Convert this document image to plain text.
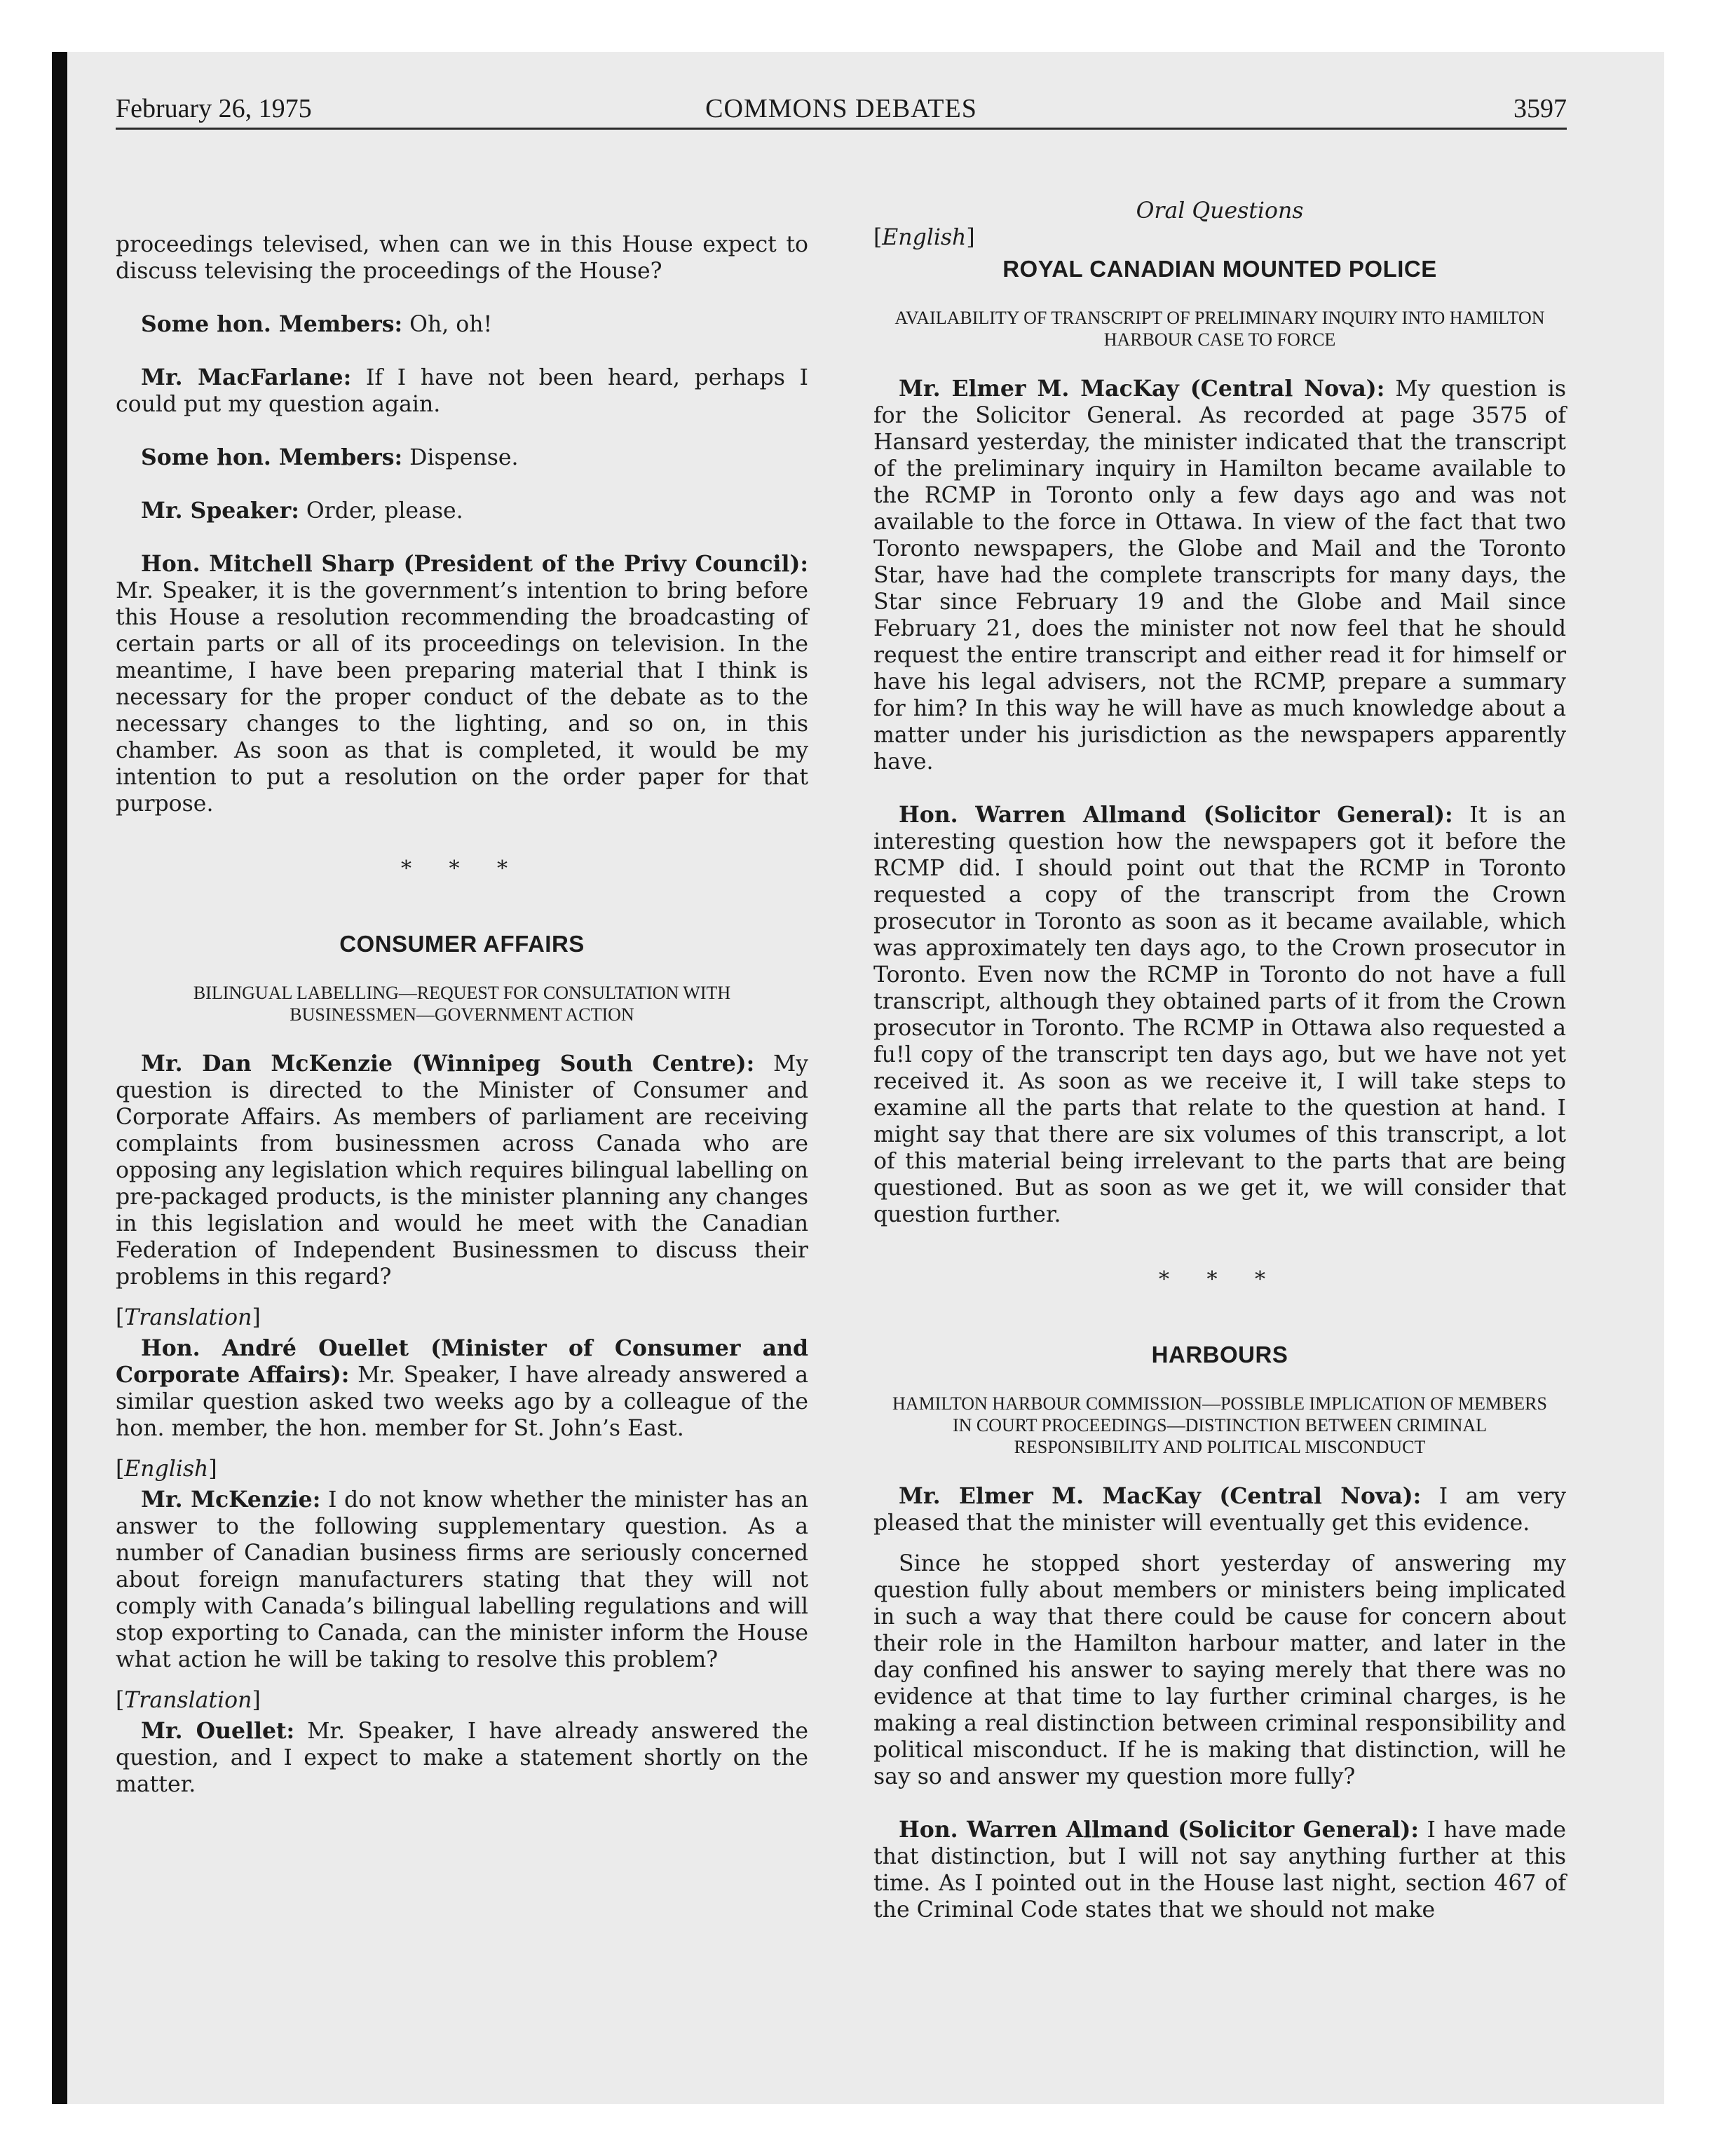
February 26, 1975	COMMONS DEBATES	3597

proceedings televised, when can we in this House expect to discuss televising the proceedings of the House?

Some hon. Members: Oh, oh!

Mr. MacFarlane: If I have not been heard, perhaps I could put my question again.

Some hon. Members: Dispense.

Mr. Speaker: Order, please.

Hon. Mitchell Sharp (President of the Privy Council): Mr. Speaker, it is the government’s intention to bring before this House a resolution recommending the broadcasting of certain parts or all of its proceedings on television. In the meantime, I have been preparing material that I think is necessary for the proper conduct of the debate as to the necessary changes to the lighting, and so on, in this chamber. As soon as that is completed, it would be my intention to put a resolution on the order paper for that purpose.

* * *
CONSUMER AFFAIRS
BILINGUAL LABELLING—REQUEST FOR CONSULTATION WITH BUSINESSMEN—GOVERNMENT ACTION

Mr. Dan McKenzie (Winnipeg South Centre): My question is directed to the Minister of Consumer and Corporate Affairs. As members of parliament are receiving complaints from businessmen across Canada who are opposing any legislation which requires bilingual labelling on pre-packaged products, is the minister planning any changes in this legislation and would he meet with the Canadian Federation of Independent Businessmen to discuss their problems in this regard?

[Translation]

Hon. André Ouellet (Minister of Consumer and Corporate Affairs): Mr. Speaker, I have already answered a similar question asked two weeks ago by a colleague of the hon. member, the hon. member for St. John’s East.

[English]

Mr. McKenzie: I do not know whether the minister has an answer to the following supplementary question. As a number of Canadian business firms are seriously concerned about foreign manufacturers stating that they will not comply with Canada’s bilingual labelling regulations and will stop exporting to Canada, can the minister inform the House what action he will be taking to resolve this problem?

[Translation]

Mr. Ouellet: Mr. Speaker, I have already answered the question, and I expect to make a statement shortly on the matter.

Oral Questions

[English]

ROYAL CANADIAN MOUNTED POLICE
AVAILABILITY OF TRANSCRIPT OF PRELIMINARY INQUIRY INTO HAMILTON HARBOUR CASE TO FORCE

Mr. Elmer M. MacKay (Central Nova): My question is for the Solicitor General. As recorded at page 3575 of Hansard yesterday, the minister indicated that the transcript of the preliminary inquiry in Hamilton became available to the RCMP in Toronto only a few days ago and was not available to the force in Ottawa. In view of the fact that two Toronto newspapers, the Globe and Mail and the Toronto Star, have had the complete transcripts for many days, the Star since February 19 and the Globe and Mail since February 21, does the minister not now feel that he should request the entire transcript and either read it for himself or have his legal advisers, not the RCMP, prepare a summary for him? In this way he will have as much knowledge about a matter under his jurisdiction as the newspapers apparently have.

Hon. Warren Allmand (Solicitor General): It is an interesting question how the newspapers got it before the RCMP did. I should point out that the RCMP in Toronto requested a copy of the transcript from the Crown prosecutor in Toronto as soon as it became available, which was approximately ten days ago, to the Crown prosecutor in Toronto. Even now the RCMP in Toronto do not have a full transcript, although they obtained parts of it from the Crown prosecutor in Toronto. The RCMP in Ottawa also requested a fu!l copy of the transcript ten days ago, but we have not yet received it. As soon as we receive it, I will take steps to examine all the parts that relate to the question at hand. I might say that there are six volumes of this transcript, a lot of this material being irrelevant to the parts that are being questioned. But as soon as we get it, we will consider that question further.

* * *
HARBOURS
HAMILTON HARBOUR COMMISSION—POSSIBLE IMPLICATION OF MEMBERS IN COURT PROCEEDINGS—DISTINCTION BETWEEN CRIMINAL RESPONSIBILITY AND POLITICAL MISCONDUCT

Mr. Elmer M. MacKay (Central Nova): I am very pleased that the minister will eventually get this evidence.

Since he stopped short yesterday of answering my question fully about members or ministers being implicated in such a way that there could be cause for concern about their role in the Hamilton harbour matter, and later in the day confined his answer to saying merely that there was no evidence at that time to lay further criminal charges, is he making a real distinction between criminal responsibility and political misconduct. If he is making that distinction, will he say so and answer my question more fully?

Hon. Warren Allmand (Solicitor General): I have made that distinction, but I will not say anything further at this time. As I pointed out in the House last night, section 467 of the Criminal Code states that we should not make
